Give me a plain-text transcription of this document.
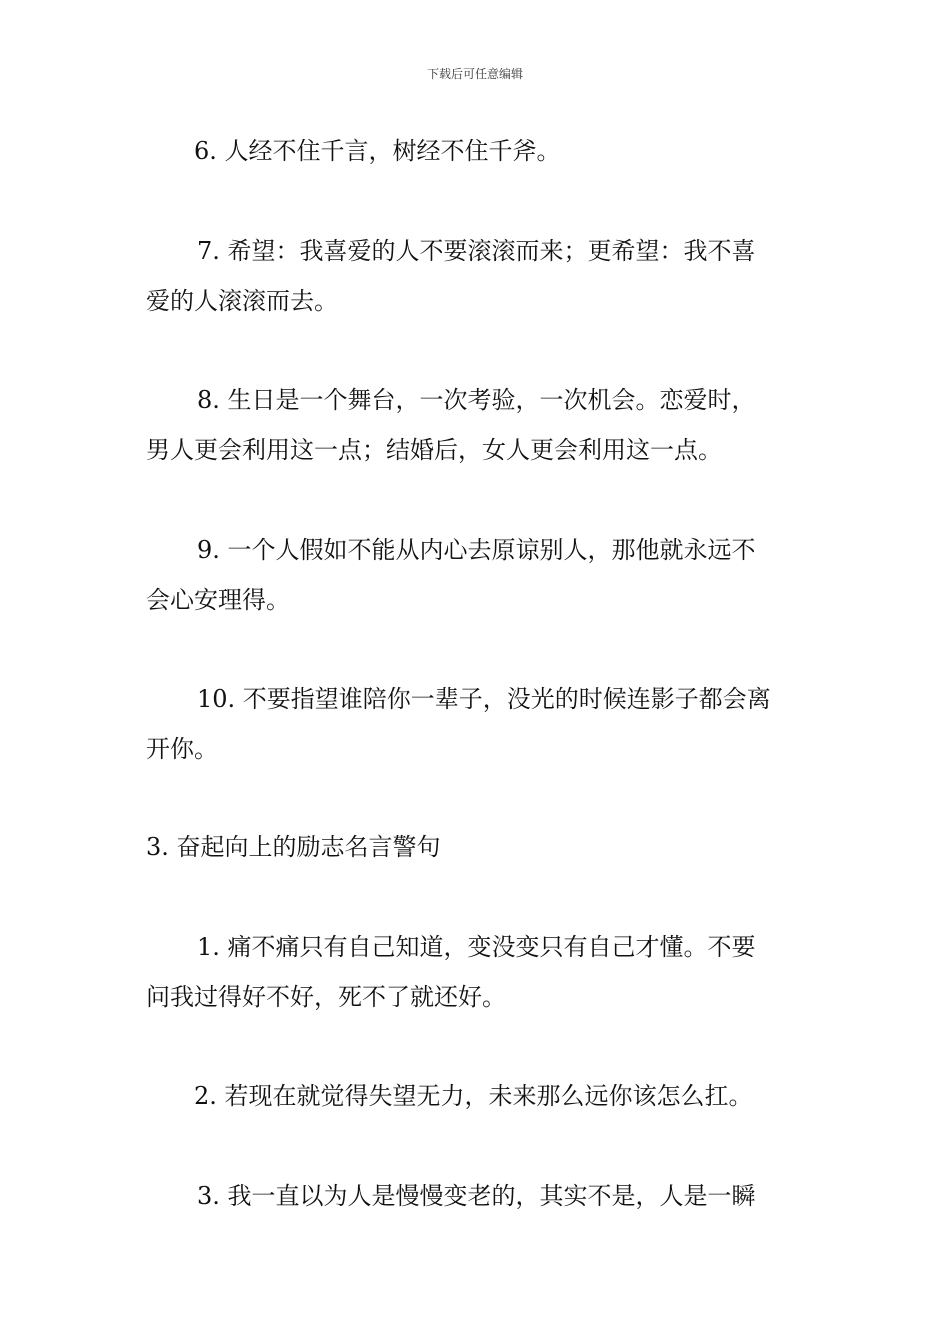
下载后可任意编辑
6. 人经不住千言，树经不住千斧。
7. 希望：我喜爱的人不要滚滚而来；更希望：我不喜
爱的人滚滚而去。
8. 生日是一个舞台，一次考验，一次机会。恋爱时，
男人更会利用这一点；结婚后，女人更会利用这一点。
9. 一个人假如不能从内心去原谅别人，那他就永远不
会心安理得。
10. 不要指望谁陪你一辈子，没光的时候连影子都会离
开你。
3. 奋起向上的励志名言警句
1. 痛不痛只有自己知道，变没变只有自己才懂。不要
问我过得好不好，死不了就还好。
2. 若现在就觉得失望无力，未来那么远你该怎么扛。
3. 我一直以为人是慢慢变老的，其实不是，人是一瞬
